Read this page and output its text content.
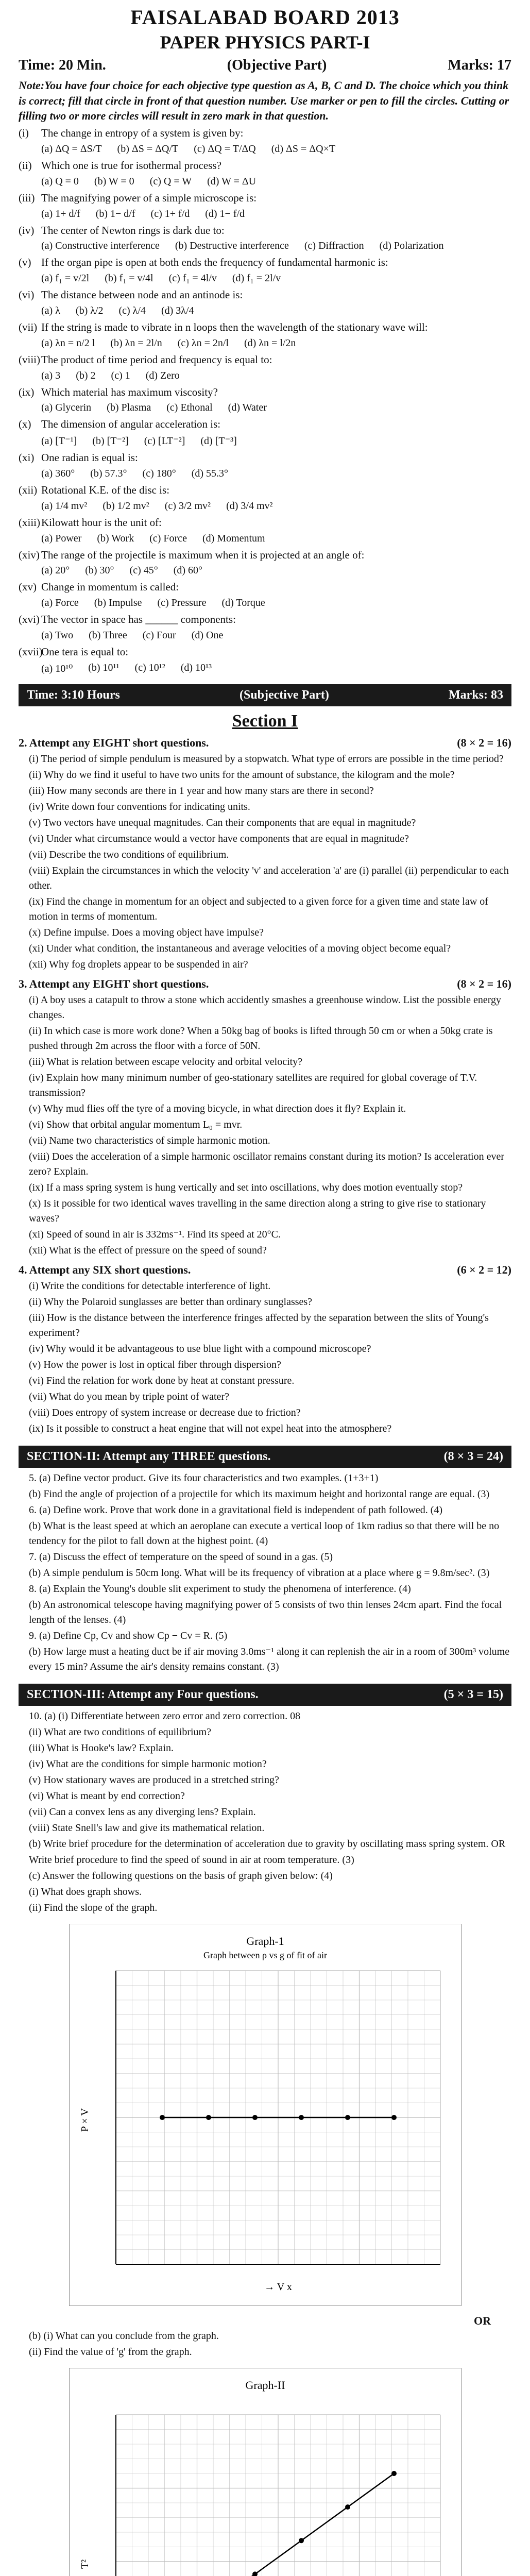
FAISALABAD BOARD 2013
PAPER PHYSICS PART-I
Time: 20 Min.	(Objective Part)	Marks: 17
Note:You have four choice for each objective type question as A, B, C and D. The choice which you think is correct; fill that circle in front of that question number. Use marker or pen to fill the circles. Cutting or filling two or more circles will result in zero mark in that question.
(i) The change in entropy of a system is given by:
(a) ΔQ = ΔS/T (b) ΔS = ΔQ/T (c) ΔQ = T/ΔQ (d) ΔS = ΔQ×T
(ii) Which one is true for isothermal process?
(a) Q = 0 (b) W = 0 (c) Q = W (d) W = ΔU
(iii) The magnifying power of a simple microscope is:
(a) 1+ d/f (b) 1− d/f (c) 1+ f/d (d) 1− f/d
(iv) The center of Newton rings is dark due to:
(a) Constructive interference (b) Destructive interference (c) Diffraction (d) Polarization
(v) If the organ pipe is open at both ends the frequency of fundamental harmonic is:
(a) f₁ = v/2l (b) f₁ = v/4l (c) f₁ = 4l/v (d) f₁ = 2l/v
(vi) The distance between node and an antinode is:
(a) λ (b) λ/2 (c) λ/4 (d) 3λ/4
(vii) If the string is made to vibrate in n loops then the wavelength of the stationary wave will:
(a) λn = n/2 l (b) λn = 2l/n (c) λn = 2n/l (d) λn = l/2n
(viii)The product of time period and frequency is equal to:
(a) 3 (b) 2 (c) 1 (d) Zero
(ix) Which material has maximum viscosity?
(a) Glycerin (b) Plasma (c) Ethonal (d) Water
(x) The dimension of angular acceleration is:
(a) [T⁻¹] (b) [T⁻²] (c) [LT⁻²] (d) [T⁻³]
(xi) One radian is equal is:
(a) 360° (b) 57.3° (c) 180° (d) 55.3°
(xii) Rotational K.E. of the disc is:
(a) 1/4 mv² (b) 1/2 mv² (c) 3/2 mv² (d) 3/4 mv²
(xiii)Kilowatt hour is the unit of:
(a) Power (b) Work (c) Force (d) Momentum
(xiv) The range of the projectile is maximum when it is projected at an angle of:
(a) 20° (b) 30° (c) 45° (d) 60°
(xv) Change in momentum is called:
(a) Force (b) Impulse (c) Pressure (d) Torque
(xvi) The vector in space has ______ components:
(a) Two (b) Three (c) Four (d) One
(xvii)One tera is equal to:
(a) 10¹⁰ (b) 10¹¹ (c) 10¹² (d) 10¹³
Time: 3:10 Hours	(Subjective Part)	Marks: 83
Section I
2. Attempt any EIGHT short questions.	(8 × 2 = 16)
(i) The period of simple pendulum is measured by a stopwatch. What type of errors are possible in the time period?
(ii) Why do we find it useful to have two units for the amount of substance, the kilogram and the mole?
(iii) How many seconds are there in 1 year and how many stars are there in second?
(iv) Write down four conventions for indicating units.
(v) Two vectors have unequal magnitudes. Can their components that are equal in magnitude?
(vi) Under what circumstance would a vector have components that are equal in magnitude?
(vii) Describe the two conditions of equilibrium.
(viii) Explain the circumstances in which the velocity 'v' and acceleration 'a' are (i) parallel (ii) perpendicular to each other.
(ix) Find the change in momentum for an object and subjected to a given force for a given time and state law of motion in terms of momentum.
(x) Define impulse. Does a moving object have impulse?
(xi) Under what condition, the instantaneous and average velocities of a moving object become equal?
(xii) Why fog droplets appear to be suspended in air?
3. Attempt any EIGHT short questions.	(8 × 2 = 16)
(i) A boy uses a catapult to throw a stone which accidently smashes a greenhouse window. List the possible energy changes.
(ii) In which case is more work done? When a 50kg bag of books is lifted through 50 cm or when a 50kg crate is pushed through 2m across the floor with a force of 50N.
(iii) What is relation between escape velocity and orbital velocity?
(iv) Explain how many minimum number of geo-stationary satellites are required for global coverage of T.V. transmission?
(v) Why mud flies off the tyre of a moving bicycle, in what direction does it fly? Explain it.
(vi) Show that orbital angular momentum L₀ = mvr.
(vii) Name two characteristics of simple harmonic motion.
(viii) Does the acceleration of a simple harmonic oscillator remains constant during its motion? Is acceleration ever zero? Explain.
(ix) If a mass spring system is hung vertically and set into oscillations, why does motion eventually stop?
(x) Is it possible for two identical waves travelling in the same direction along a string to give rise to stationary waves?
(xi) Speed of sound in air is 332ms⁻¹. Find its speed at 20°C.
(xii) What is the effect of pressure on the speed of sound?
4. Attempt any SIX short questions.	(6 × 2 = 12)
(i) Write the conditions for detectable interference of light.
(ii) Why the Polaroid sunglasses are better than ordinary sunglasses?
(iii) How is the distance between the interference fringes affected by the separation between the slits of Young's experiment?
(iv) Why would it be advantageous to use blue light with a compound microscope?
(v) How the power is lost in optical fiber through dispersion?
(vi) Find the relation for work done by heat at constant pressure.
(vii) What do you mean by triple point of water?
(viii) Does entropy of system increase or decrease due to friction?
(ix) Is it possible to construct a heat engine that will not expel heat into the atmosphere?
SECTION-II: Attempt any THREE questions.	(8 × 3 = 24)
5. (a) Define vector product. Give its four characteristics and two examples. (1+3+1)
(b) Find the angle of projection of a projectile for which its maximum height and horizontal range are equal. (3)
6. (a) Define work. Prove that work done in a gravitational field is independent of path followed. (4)
(b) What is the least speed at which an aeroplane can execute a vertical loop of 1km radius so that there will be no tendency for the pilot to fall down at the highest point. (4)
7. (a) Discuss the effect of temperature on the speed of sound in a gas. (5)
(b) A simple pendulum is 50cm long. What will be its frequency of vibration at a place where g = 9.8m/sec². (3)
8. (a) Explain the Young's double slit experiment to study the phenomena of interference. (4)
(b) An astronomical telescope having magnifying power of 5 consists of two thin lenses 24cm apart. Find the focal length of the lenses. (4)
9. (a) Define Cp, Cv and show Cp − Cv = R. (5)
(b) How large must a heating duct be if air moving 3.0ms⁻¹ along it can replenish the air in a room of 300m³ volume every 15 min? Assume the air's density remains constant. (3)
SECTION-III: Attempt any Four questions.	(5 × 3 = 15)
10. (a) (i) Differentiate between zero error and zero correction. 08
(ii) What are two conditions of equilibrium?
(iii) What is Hooke's law? Explain.
(iv) What are the conditions for simple harmonic motion?
(v) How stationary waves are produced in a stretched string?
(vi) What is meant by end correction?
(vii) Can a convex lens as any diverging lens? Explain.
(viii) State Snell's law and give its mathematical relation.
(b) Write brief procedure for the determination of acceleration due to gravity by oscillating mass spring system. OR
Write brief procedure to find the speed of sound in air at room temperature. (3)
(c) Answer the following questions on the basis of graph given below: (4)
(i) What does graph shows.
(ii) Find the slope of the graph.
Graph-1
Graph between ρ vs g of fit of air
→ V x
P × V
OR
(b) (i) What can you conclude from the graph.
(ii) Find the value of 'g' from the graph.
Graph-II
T²
